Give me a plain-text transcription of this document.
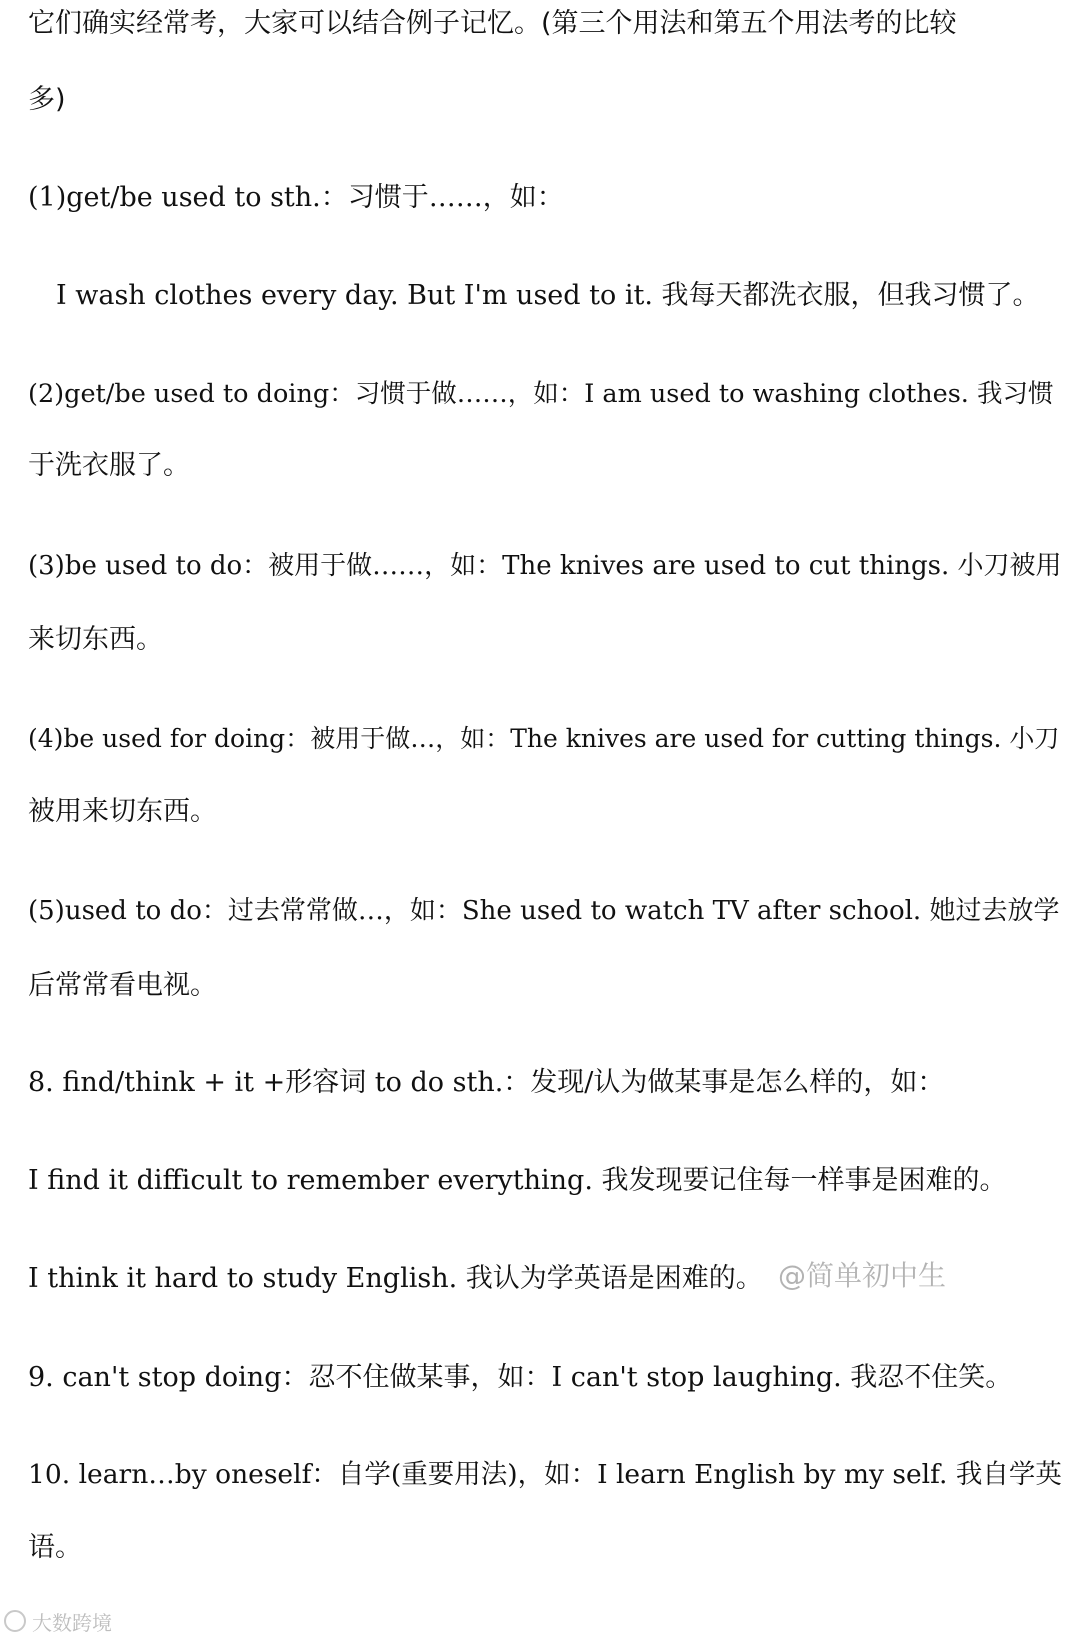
它们确实经常考，大家可以结合例子记忆。(第三个用法和第五个用法考的比较
多)
(1)get/be used to sth.：习惯于……，如：
I wash clothes every day. But I'm used to it. 我每天都洗衣服，但我习惯了。
(2)get/be used to doing：习惯于做……，如：I am used to washing clothes. 我习惯
于洗衣服了。
(3)be used to do：被用于做……，如：The knives are used to cut things. 小刀被用
来切东西。
(4)be used for doing：被用于做…，如：The knives are used for cutting things. 小刀
被用来切东西。
(5)used to do：过去常常做…，如：She used to watch TV after school. 她过去放学
后常常看电视。
8. find/think + it +形容词 to do sth.：发现/认为做某事是怎么样的，如：
I find it difficult to remember everything. 我发现要记住每一样事是困难的。
I think it hard to study English. 我认为学英语是困难的。
9. can't stop doing：忍不住做某事，如：I can't stop laughing. 我忍不住笑。
10. learn…by oneself：自学(重要用法)，如：I learn English by my self. 我自学英
语。
@简单初中生
大数跨境
